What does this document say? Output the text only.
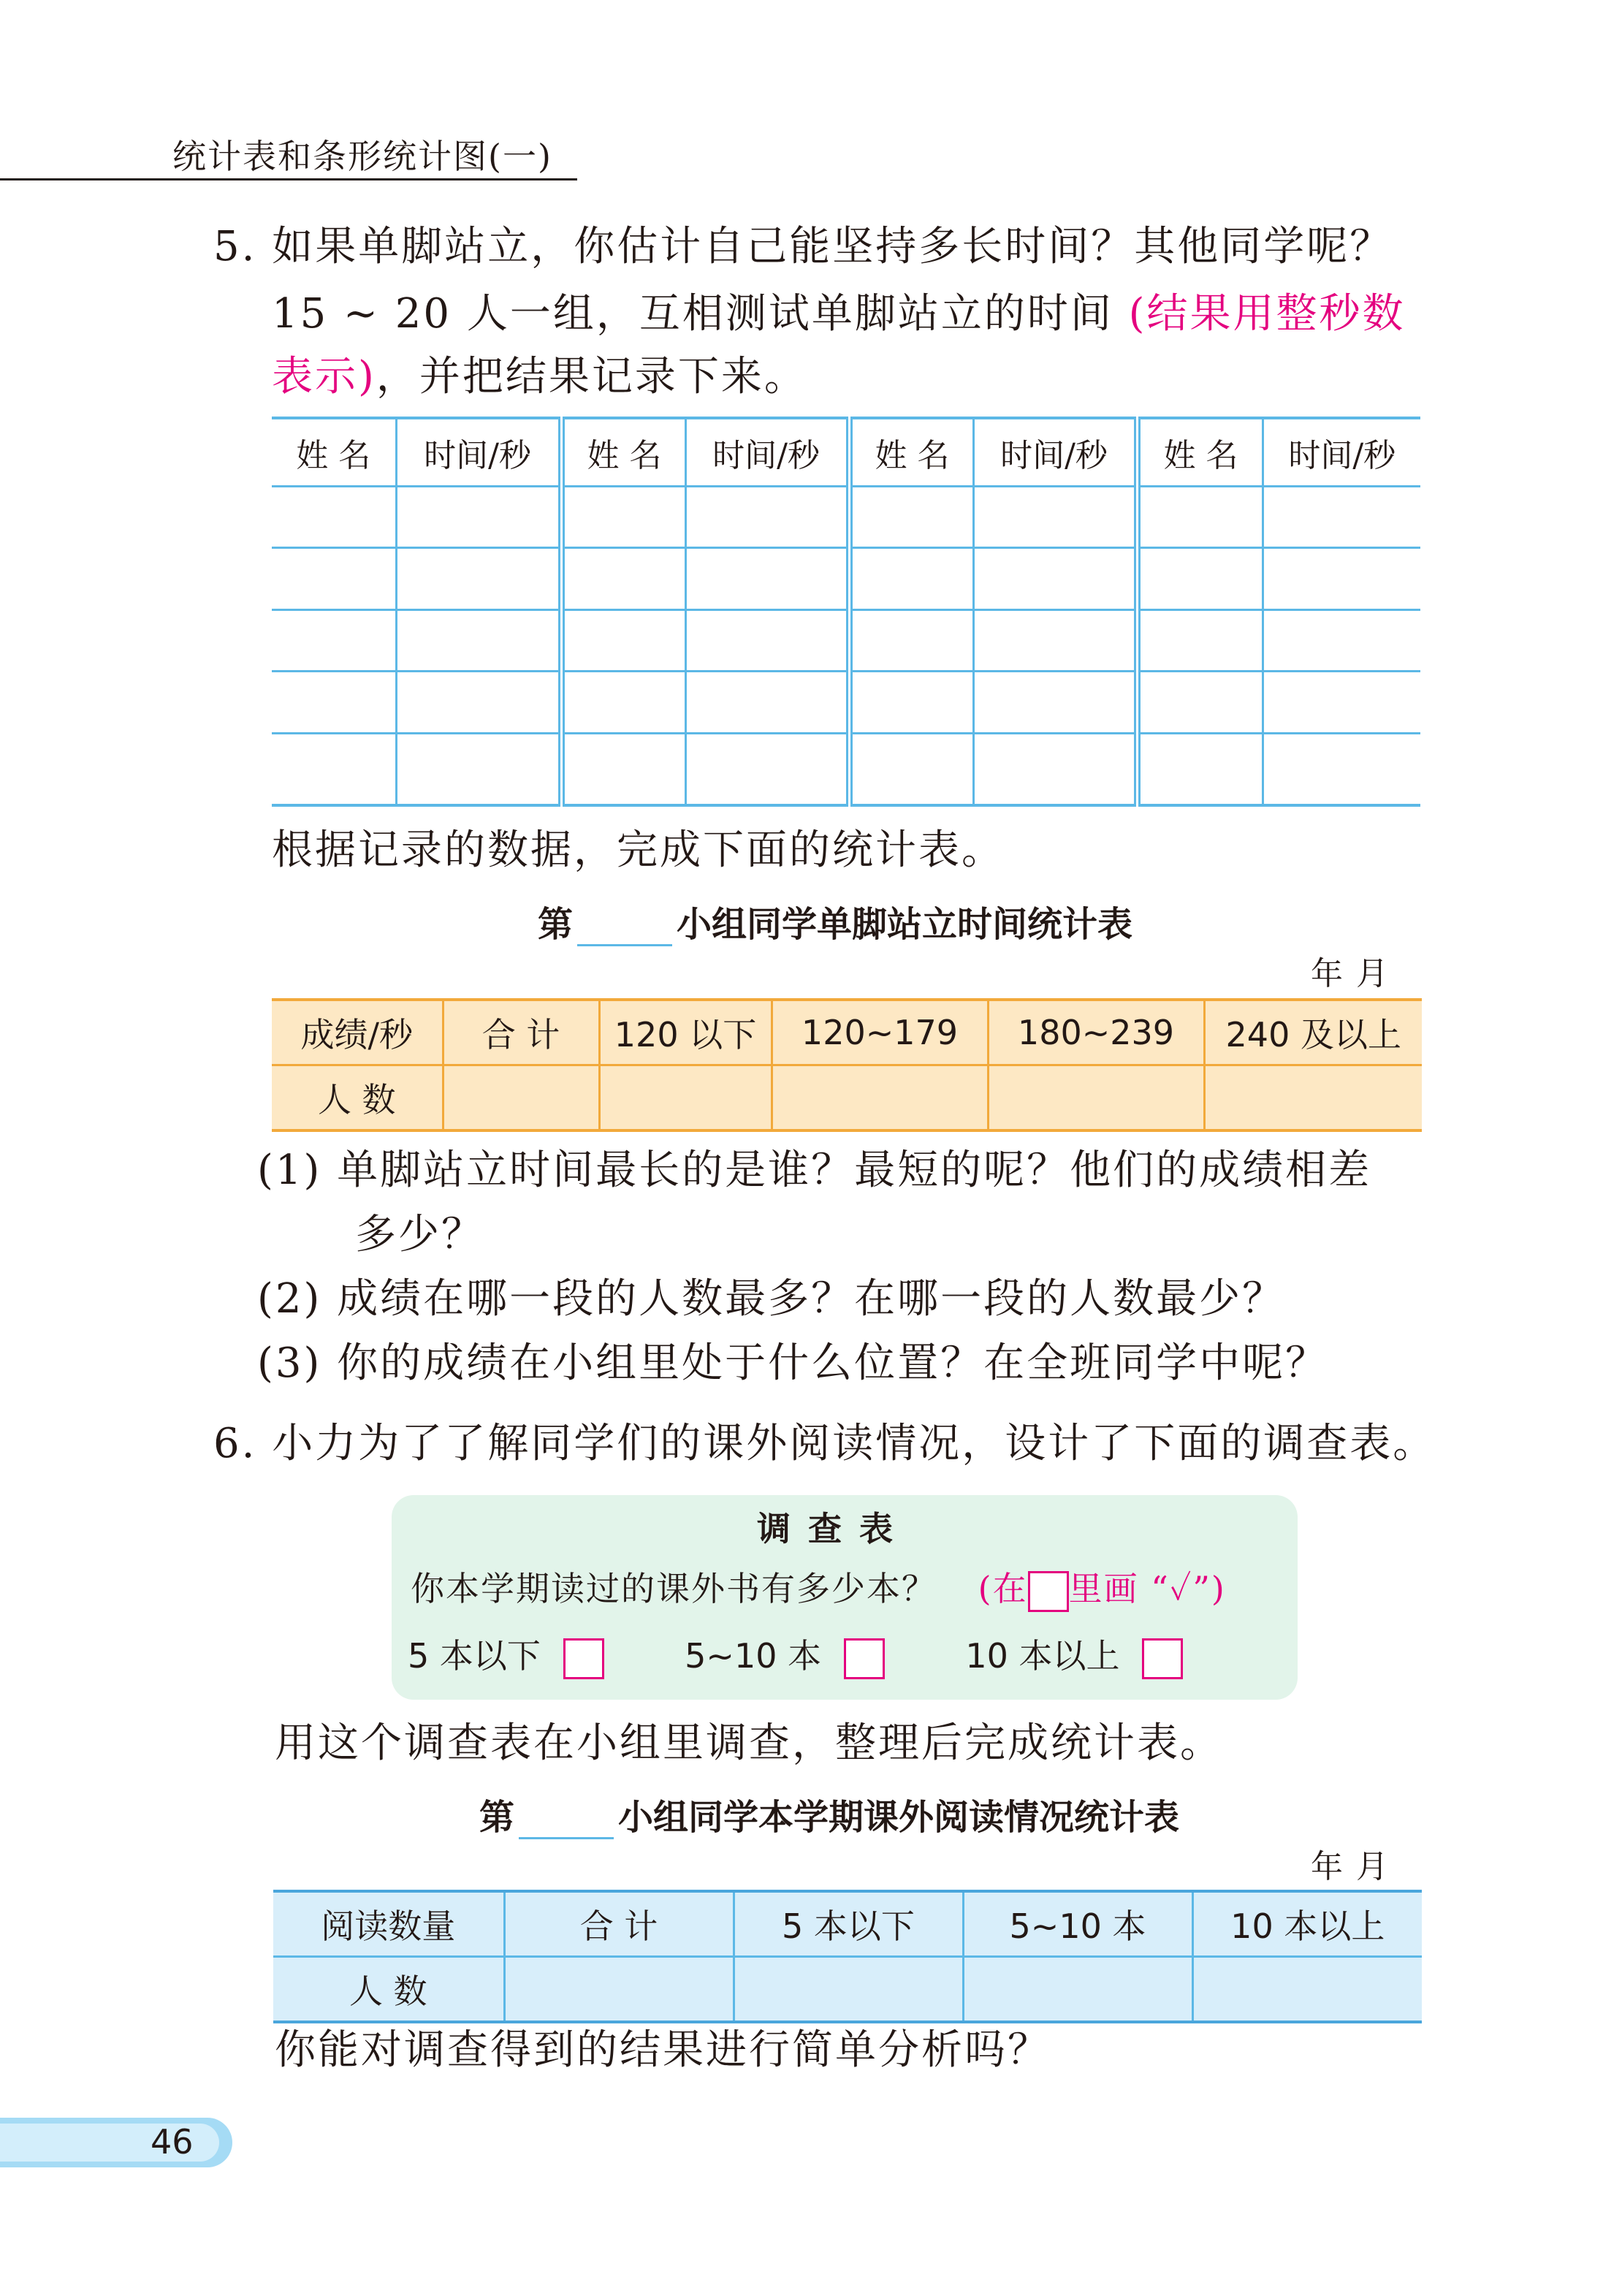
统计表和条形统计图(一)
5. 如果单脚站立，你估计自己能坚持多长时间？其他同学呢？
15 ~ 20 人一组，互相测试单脚站立的时间 (结果用整秒数
表示)，并把结果记录下来。
姓 名	时间/秒	姓 名	时间/秒	姓 名	时间/秒	姓 名	时间/秒

根据记录的数据，完成下面的统计表。
第	小组同学单脚站立时间统计表
年 月
成绩/秒	合 计	120 以下	120~179	180~239	240 及以上
人 数					
(1) 单脚站立时间最长的是谁？最短的呢？他们的成绩相差
多少？
(2) 成绩在哪一段的人数最多？在哪一段的人数最少？
(3) 你的成绩在小组里处于什么位置？在全班同学中呢？
6. 小力为了了解同学们的课外阅读情况，设计了下面的调查表。
调 查 表
你本学期读过的课外书有多少本？ (在 里画 “✓”)
5 本以下	5~10 本	10 本以上
用这个调查表在小组里调查，整理后完成统计表。
第	小组同学本学期课外阅读情况统计表
年 月
阅读数量	合 计	5 本以下	5~10 本	10 本以上
人 数				
你能对调查得到的结果进行简单分析吗？
46
